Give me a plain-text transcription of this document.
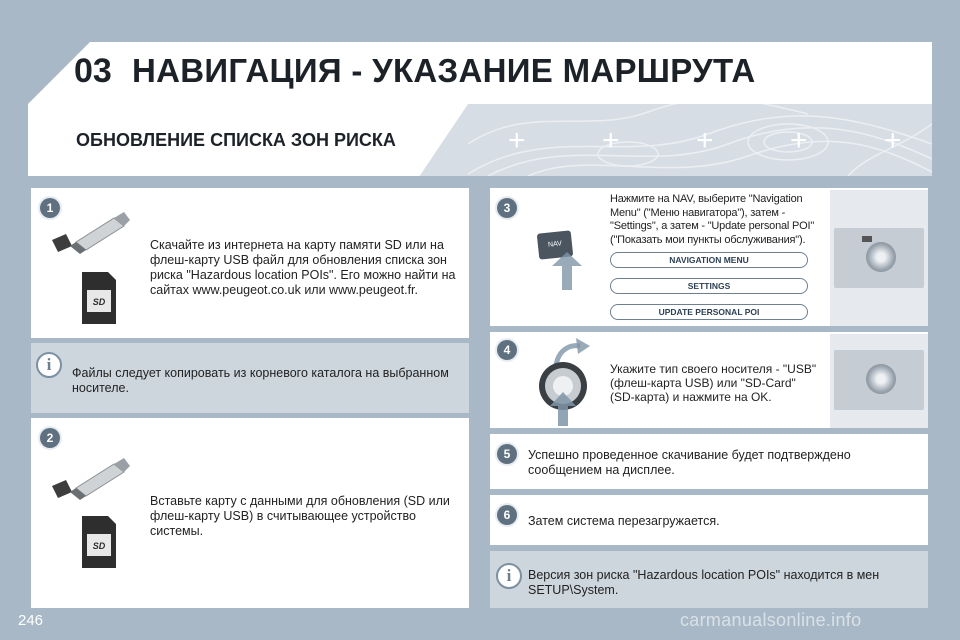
03 НАВИГАЦИЯ - УКАЗАНИЕ МАРШРУТА
ОБНОВЛЕНИЕ СПИСКА ЗОН РИСКА	+	+	+	+	+
1
SD
Скачайте из интернета на карту памяти SD или на флеш-карту USB файл для обновления списка зон риска "Hazardous location POIs". Его можно найти на сайтах www.peugeot.co.uk или www.peugeot.fr.
i	Файлы следует копировать из корневого каталога на выбранном носителе.
2
SD
Вставьте карту с данными для обновления (SD или флеш-карту USB) в считывающее устройство системы.
3
NAV
Нажмите на NAV, выберите "Navigation Menu" ("Меню навигатора"), затем - "Settings", а затем - "Update personal POI" ("Показать мои пункты обслуживания").
NAVIGATION MENU
SETTINGS
UPDATE PERSONAL POI
4
Укажите тип своего носителя - "USB" (флеш-карта USB) или "SD-Card" (SD-карта) и нажмите на OK.
5	Успешно проведенное скачивание будет подтверждено сообщением на дисплее.
6	Затем система перезагружается.
i	Версия зон риска "Hazardous location POIs" находится в мен SETUP\System.
246	carmanualsonline.info
